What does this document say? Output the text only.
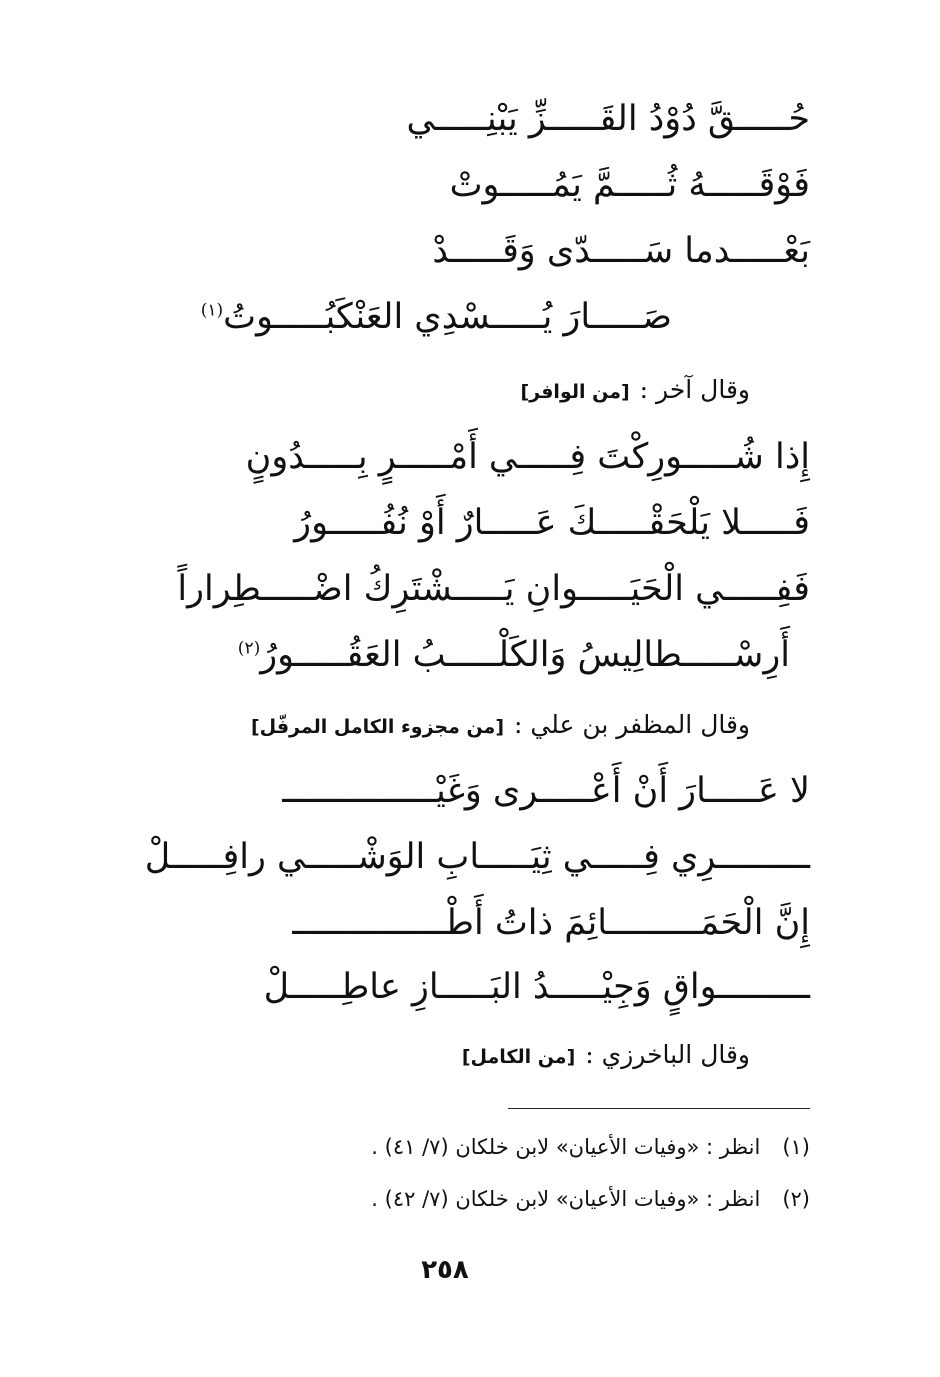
حُـــــقَّ دُوْدُ القَـــــزِّ يَبْنِـــــي
فَوْقَـــــهُ ثُـــــمَّ يَمُـــــوتْ
بَعْـــــدما سَـــــدّى وَقَـــــدْ
صَـــــارَ يُـــــسْدِي العَنْكَبُـــــوتُ$^{(١)}$
وقال آخر :[من الوافر]
إِذا شُـــــورِكْتَ فِـــــي أَمْـــــرٍ بِـــــدُونٍ
فَـــــلا يَلْحَقْـــــكَ عَـــــارٌ أَوْ نُفُـــــورُ
فَفِـــــي الْحَيَـــــوانِ يَـــــشْتَرِكُ اضْـــــطِراراً
أَرِسْـــــطالِيسُ وَالكَلْـــــبُ العَقُـــــورُ$^{(٢)}$
وقال المظفر بن علي :[من مجزوء الكامل المرفّل]
لا عَـــــارَ أَنْ أَعْـــــرى وَغَيْـــــــــــــــ
ـــــــــرِي فِـــــي ثِيَـــــابِ الوَشْـــــي رافِـــــلْ
إِنَّ الْحَمَـــــــــائِمَ ذاتُ أَطْـــــــــــــــ
ـــــــــواقٍ وَجِيْـــــدُ البَـــــازِ عاطِـــــلْ
وقال الباخرزي :[من الكامل]
(١)انظر : «وفيات الأعيان» لابن خلكان (٧/ ٤١) .
(٢)انظر : «وفيات الأعيان» لابن خلكان (٧/ ٤٢) .
٢٥٨
